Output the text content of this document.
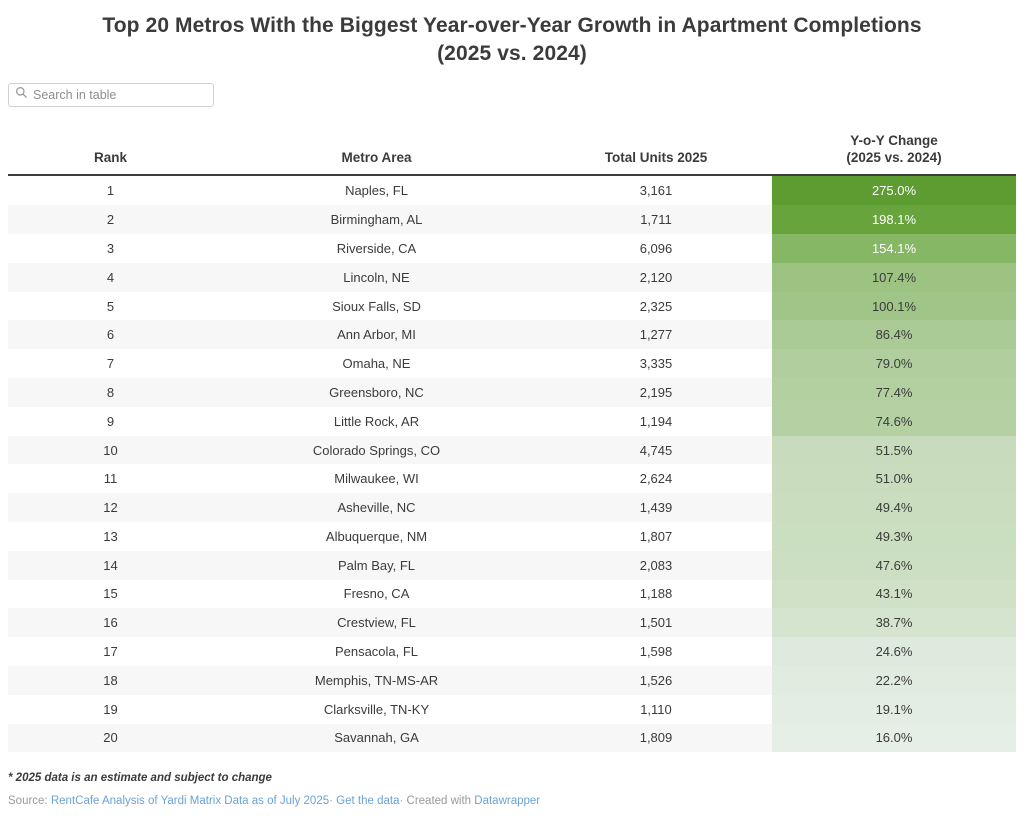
Top 20 Metros With the Biggest Year-over-Year Growth in Apartment Completions (2025 vs. 2024)
Search in table
Rank	Metro Area	Total Units 2025	Y-o-Y Change
(2025 vs. 2024)

1	Naples, FL	3,161	275.0%
2	Birmingham, AL	1,711	198.1%
3	Riverside, CA	6,096	154.1%
4	Lincoln, NE	2,120	107.4%
5	Sioux Falls, SD	2,325	100.1%
6	Ann Arbor, MI	1,277	86.4%
7	Omaha, NE	3,335	79.0%
8	Greensboro, NC	2,195	77.4%
9	Little Rock, AR	1,194	74.6%
10	Colorado Springs, CO	4,745	51.5%
11	Milwaukee, WI	2,624	51.0%
12	Asheville, NC	1,439	49.4%
13	Albuquerque, NM	1,807	49.3%
14	Palm Bay, FL	2,083	47.6%
15	Fresno, CA	1,188	43.1%
16	Crestview, FL	1,501	38.7%
17	Pensacola, FL	1,598	24.6%
18	Memphis, TN-MS-AR	1,526	22.2%
19	Clarksville, TN-KY	1,110	19.1%
20	Savannah, GA	1,809	16.0%
* 2025 data is an estimate and subject to change
Source: RentCafe Analysis of Yardi Matrix Data as of July 2025· Get the data· Created with Datawrapper
